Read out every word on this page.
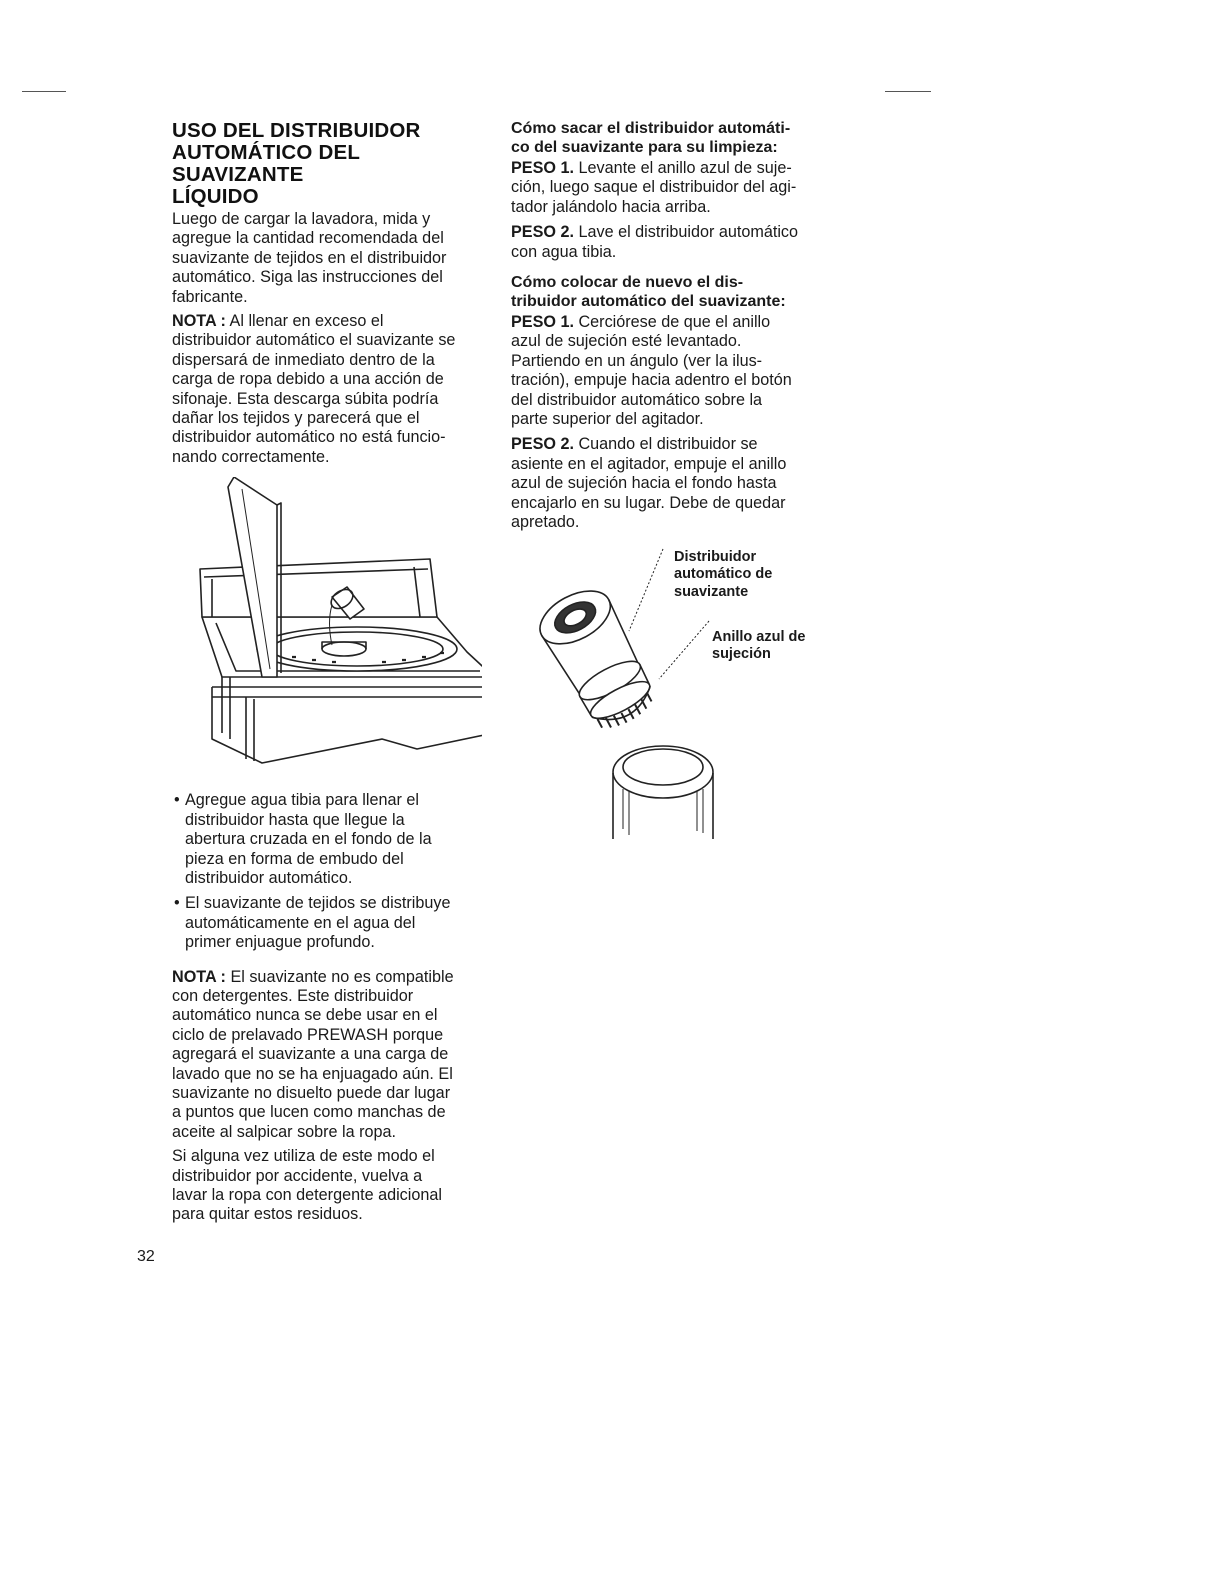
USO DEL DISTRIBUIDOR
AUTOMÁTICO DEL SUAVIZANTE
LÍQUIDO

Luego de cargar la lavadora, mida y
agregue la cantidad recomendada del
suavizante de tejidos en el distribuidor
automático. Siga las instrucciones del
fabricante.

NOTA : Al llenar en exceso el
distribuidor automático el suavizante se
dispersará de inmediato dentro de la
carga de ropa debido a una acción de
sifonaje. Esta descarga súbita podría
dañar los tejidos y parecerá que el
distribuidor automático no está funcio-
nando correctamente.

• Agregue agua tibia para llenar el
distribuidor hasta que llegue la
abertura cruzada en el fondo de la
pieza en forma de embudo del
distribuidor automático.
• El suavizante de tejidos se distribuye
automáticamente en el agua del
primer enjuague profundo.

NOTA : El suavizante no es compatible
con detergentes. Este distribuidor
automático nunca se debe usar en el
ciclo de prelavado PREWASH porque
agregará el suavizante a una carga de
lavado que no se ha enjuagado aún. El
suavizante no disuelto puede dar lugar
a puntos que lucen como manchas de
aceite al salpicar sobre la ropa.

Si alguna vez utiliza de este modo el
distribuidor por accidente, vuelva a
lavar la ropa con detergente adicional
para quitar estos residuos.

Cómo sacar el distribuidor automáti-
co del suavizante para su limpieza:

PESO 1. Levante el anillo azul de suje-
ción, luego saque el distribuidor del agi-
tador jalándolo hacia arriba.

PESO 2. Lave el distribuidor automático
con agua tibia.

Cómo colocar de nuevo el dis-
tribuidor automático del suavizante:

PESO 1. Cerciórese de que el anillo
azul de sujeción esté levantado.
Partiendo en un ángulo (ver la ilus-
tración), empuje hacia adentro el botón
del distribuidor automático sobre la
parte superior del agitador.

PESO 2. Cuando el distribuidor se
asiente en el agitador, empuje el anillo
azul de sujeción hacia el fondo hasta
encajarlo en su lugar. Debe de quedar
apretado.

Distribuidor
automático de
suavizante
Anillo azul de
sujeción
32
